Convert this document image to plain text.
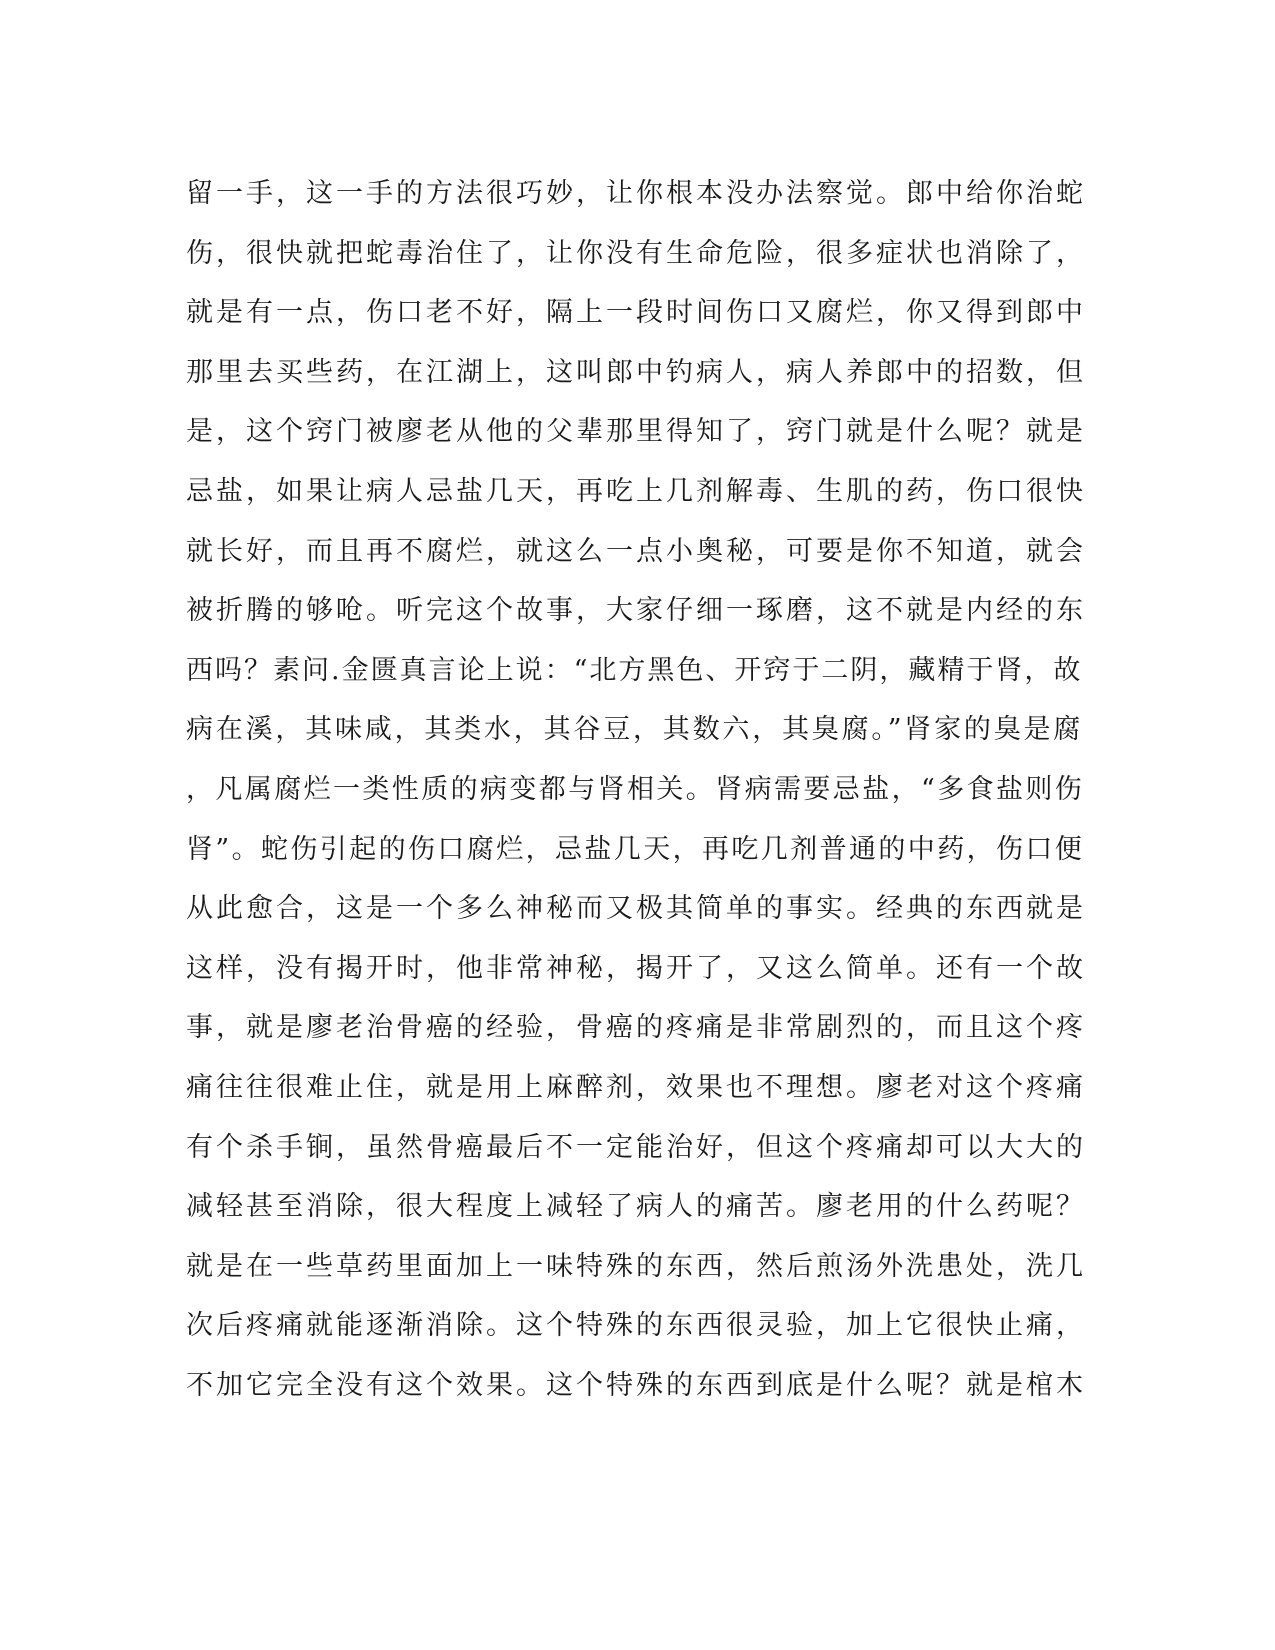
留一手，这一手的方法很巧妙，让你根本没办法察觉。郎中给你治蛇
伤，很快就把蛇毒治住了，让你没有生命危险，很多症状也消除了，
就是有一点，伤口老不好，隔上一段时间伤口又腐烂，你又得到郎中
那里去买些药，在江湖上，这叫郎中钓病人，病人养郎中的招数，但
是，这个窍门被廖老从他的父辈那里得知了，窍门就是什么呢？就是
忌盐，如果让病人忌盐几天，再吃上几剂解毒、生肌的药，伤口很快
就长好，而且再不腐烂，就这么一点小奥秘，可要是你不知道，就会
被折腾的够呛。听完这个故事，大家仔细一琢磨，这不就是内经的东
西吗？素问.金匮真言论上说：“北方黑色、开窍于二阴，藏精于肾，故
病在溪，其味咸，其类水，其谷豆，其数六，其臭腐。”肾家的臭是腐
，凡属腐烂一类性质的病变都与肾相关。肾病需要忌盐，“多食盐则伤
肾”。蛇伤引起的伤口腐烂，忌盐几天，再吃几剂普通的中药，伤口便
从此愈合，这是一个多么神秘而又极其简单的事实。经典的东西就是
这样，没有揭开时，他非常神秘，揭开了，又这么简单。还有一个故
事，就是廖老治骨癌的经验，骨癌的疼痛是非常剧烈的，而且这个疼
痛往往很难止住，就是用上麻醉剂，效果也不理想。廖老对这个疼痛
有个杀手锏，虽然骨癌最后不一定能治好，但这个疼痛却可以大大的
减轻甚至消除，很大程度上减轻了病人的痛苦。廖老用的什么药呢？
就是在一些草药里面加上一味特殊的东西，然后煎汤外洗患处，洗几
次后疼痛就能逐渐消除。这个特殊的东西很灵验，加上它很快止痛，
不加它完全没有这个效果。这个特殊的东西到底是什么呢？就是棺木
